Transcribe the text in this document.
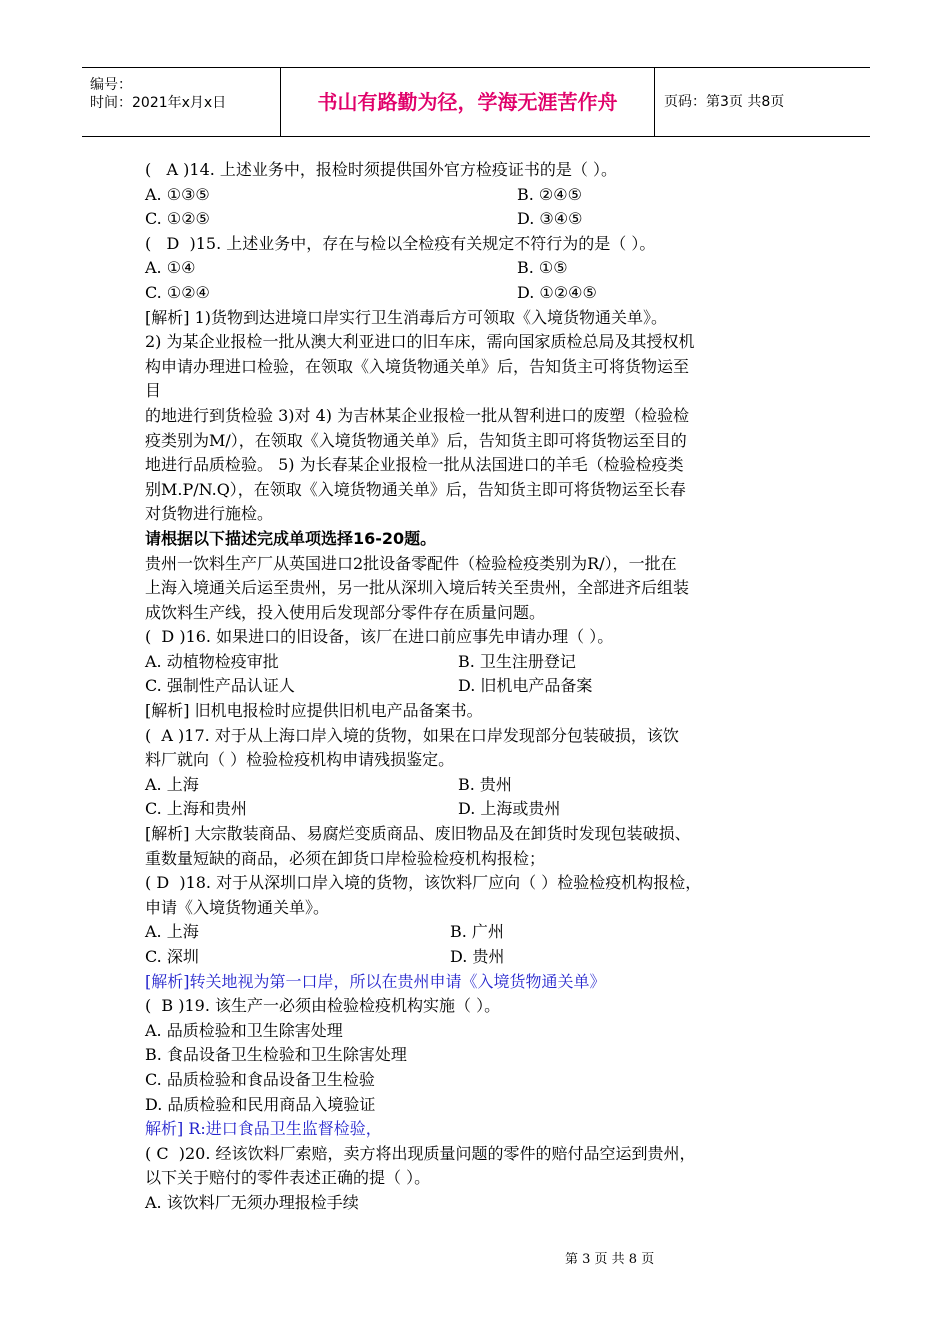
编号：
时间：2021年x月x日	书山有路勤为径，学海无涯苦作舟	页码：第3页 共8页
(   A )14. 上述业务中，报检时须提供国外官方检疫证书的是（ ）。
A. ①③⑤	B. ②④⑤
C. ①②⑤	D. ③④⑤
(   D  )15. 上述业务中，存在与检以全检疫有关规定不符行为的是（ ）。
A. ①④	B. ①⑤
C. ①②④	D. ①②④⑤
[解析] 1)货物到达进境口岸实行卫生消毒后方可领取《入境货物通关单》。
2) 为某企业报检一批从澳大利亚进口的旧车床，需向国家质检总局及其授权机
构申请办理进口检验，在领取《入境货物通关单》后，告知货主可将货物运至
目
的地进行到货检验 3)对 4) 为吉林某企业报检一批从智利进口的废塑（检验检
疫类别为M/），在领取《入境货物通关单》后，告知货主即可将货物运至目的
地进行品质检验。 5) 为长春某企业报检一批从法国进口的羊毛（检验检疫类
别M.P/N.Q），在领取《入境货物通关单》后，告知货主即可将货物运至长春
对货物进行施检。
请根据以下描述完成单项选择16-20题。
贵州一饮料生产厂从英国进口2批设备零配件（检验检疫类别为R/），一批在
上海入境通关后运至贵州，另一批从深圳入境后转关至贵州，全部进齐后组装
成饮料生产线，投入使用后发现部分零件存在质量问题。
(  D )16. 如果进口的旧设备，该厂在进口前应事先申请办理（ ）。
A. 动植物检疫审批	B. 卫生注册登记
C. 强制性产品认证人	D. 旧机电产品备案
[解析] 旧机电报检时应提供旧机电产品备案书。
(  A )17. 对于从上海口岸入境的货物，如果在口岸发现部分包装破损，该饮
料厂就向（ ）检验检疫机构申请残损鉴定。
A. 上海	B. 贵州
C. 上海和贵州	D. 上海或贵州
[解析] 大宗散装商品、易腐烂变质商品、废旧物品及在卸货时发现包装破损、
重数量短缺的商品，必须在卸货口岸检验检疫机构报检；
( D  )18. 对于从深圳口岸入境的货物，该饮料厂应向（ ）检验检疫机构报检，
申请《入境货物通关单》。
A. 上海	B. 广州
C. 深圳	D. 贵州
[解析]转关地视为第一口岸，所以在贵州申请《入境货物通关单》
(  B )19. 该生产一必须由检验检疫机构实施（ ）。
A. 品质检验和卫生除害处理
B. 食品设备卫生检验和卫生除害处理
C. 品质检验和食品设备卫生检验
D. 品质检验和民用商品入境验证
解析] R:进口食品卫生监督检验，
( C  )20. 经该饮料厂索赔，卖方将出现质量问题的零件的赔付品空运到贵州，
以下关于赔付的零件表述正确的提（ ）。
A. 该饮料厂无须办理报检手续
第 3 页 共 8 页
